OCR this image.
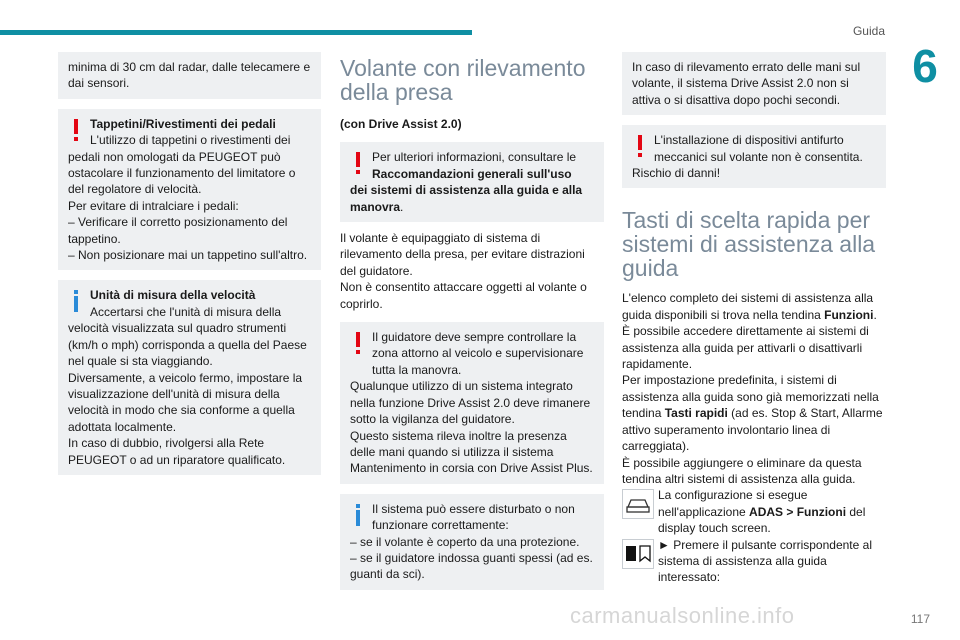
Guida
6
minima di 30 cm dal radar, dalle telecamere e dai sensori.
Tappetini/Rivestimenti dei pedali
L'utilizzo di tappetini o rivestimenti dei
pedali non omologati da PEUGEOT può ostacolare il funzionamento del limitatore o del regolatore di velocità.
Per evitare di intralciare i pedali:
– Verificare il corretto posizionamento del tappetino.
– Non posizionare mai un tappetino sull'altro.
Unità di misura della velocità
Accertarsi che l'unità di misura della
velocità visualizzata sul quadro strumenti (km/h o mph) corrisponda a quella del Paese nel quale si sta viaggiando.
Diversamente, a veicolo fermo, impostare la visualizzazione dell'unità di misura della velocità in modo che sia conforme a quella adottata localmente.
In caso di dubbio, rivolgersi alla Rete PEUGEOT o ad un riparatore qualificato.
Volante con rilevamento della presa
(con Drive Assist 2.0)
Per ulteriori informazioni, consultare le
Raccomandazioni generali sull'uso
dei sistemi di assistenza alla guida e alla manovra.
Il volante è equipaggiato di sistema di rilevamento della presa, per evitare distrazioni del guidatore.
Non è consentito attaccare oggetti al volante o coprirlo.
Il guidatore deve sempre controllare la
zona attorno al veicolo e supervisionare tutta la manovra.
Qualunque utilizzo di un sistema integrato nella funzione Drive Assist 2.0 deve rimanere sotto la vigilanza del guidatore.
Questo sistema rileva inoltre la presenza delle mani quando si utilizza il sistema Mantenimento in corsia con Drive Assist Plus.
Il sistema può essere disturbato o non
funzionare correttamente:
– se il volante è coperto da una protezione.
– se il guidatore indossa guanti spessi (ad es. guanti da sci).
In caso di rilevamento errato delle mani sul volante, il sistema Drive Assist 2.0 non si attiva o si disattiva dopo pochi secondi.
L'installazione di dispositivi antifurto
meccanici sul volante non è consentita.
Rischio di danni!
Tasti di scelta rapida per sistemi di assistenza alla guida
L'elenco completo dei sistemi di assistenza alla guida disponibili si trova nella tendina Funzioni.
È possibile accedere direttamente ai sistemi di assistenza alla guida per attivarli o disattivarli rapidamente.
Per impostazione predefinita, i sistemi di assistenza alla guida sono già memorizzati nella tendina Tasti rapidi (ad es. Stop & Start, Allarme attivo superamento involontario linea di carreggiata).
È possibile aggiungere o eliminare da questa tendina altri sistemi di assistenza alla guida.
La configurazione si esegue nell'applicazione ADAS > Funzioni del display touch screen.
► Premere il pulsante corrispondente al sistema di assistenza alla guida interessato:
carmanualsonline.info	117
